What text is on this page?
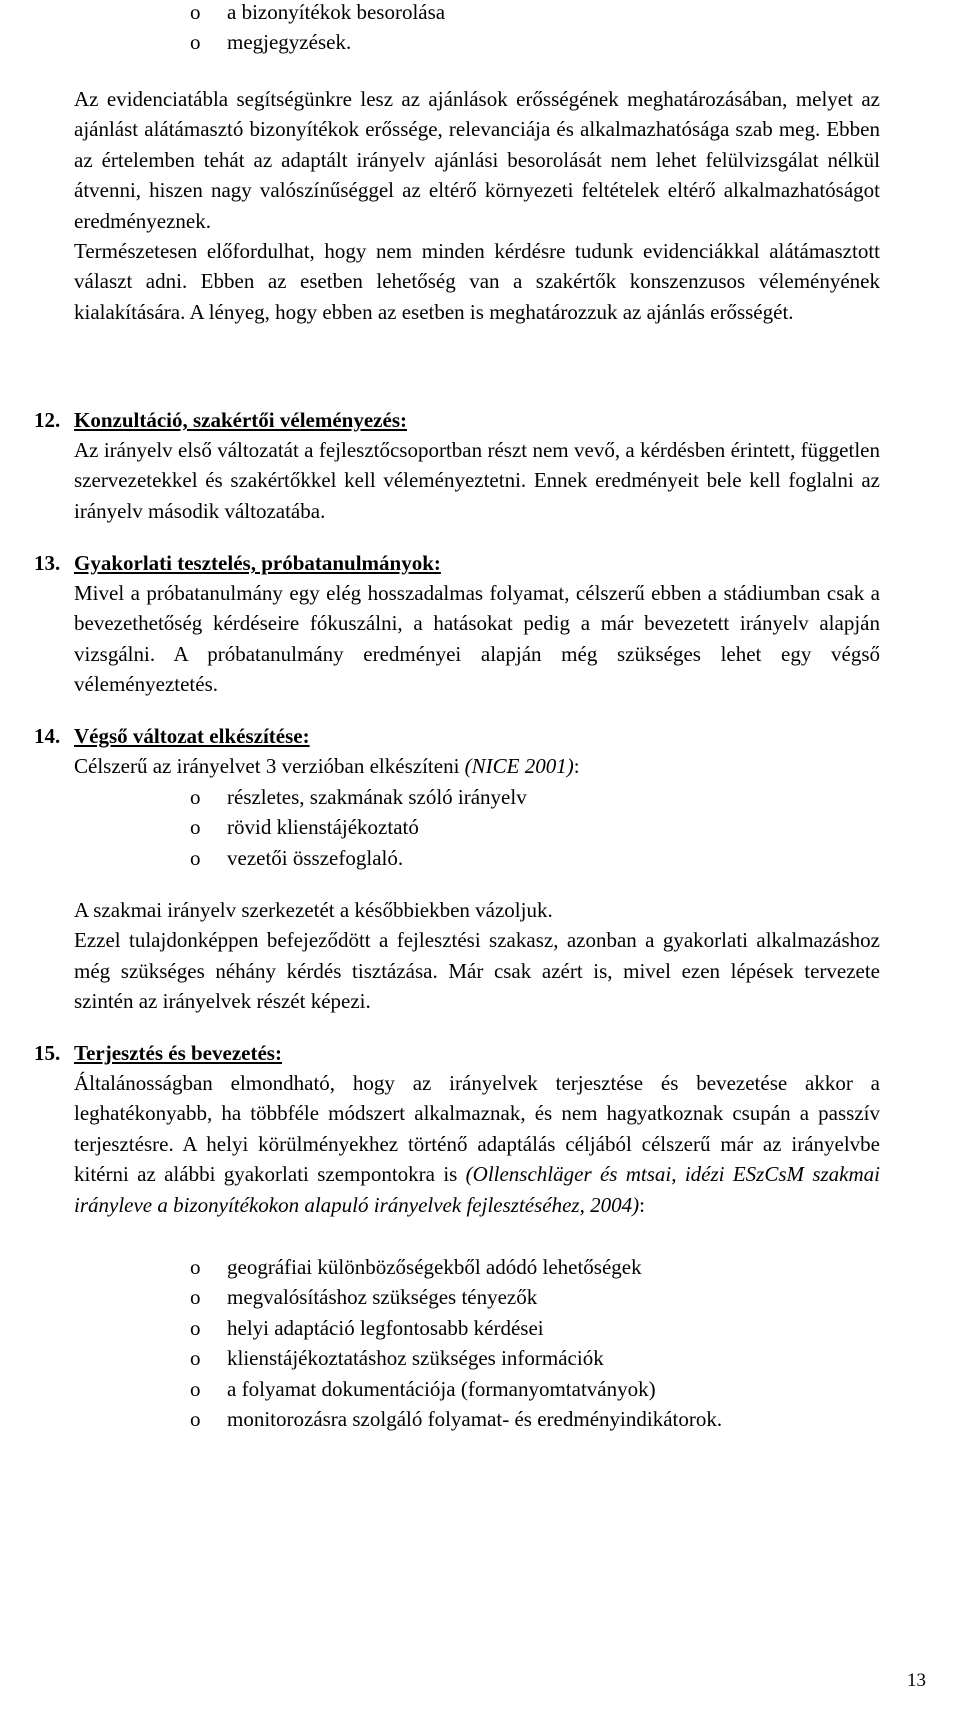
o a bizonyítékok besorolása
o megjegyzések.

Az evidenciatábla segítségünkre lesz az ajánlások erősségének meghatározásában, melyet az ajánlást alátámasztó bizonyítékok erőssége, relevanciája és alkalmazhatósága szab meg. Ebben az értelemben tehát az adaptált irányelv ajánlási besorolását nem lehet felülvizsgálat nélkül átvenni, hiszen nagy valószínűséggel az eltérő környezeti feltételek eltérő alkalmazhatóságot eredményeznek.

Természetesen előfordulhat, hogy nem minden kérdésre tudunk evidenciákkal alátámasztott választ adni. Ebben az esetben lehetőség van a szakértők konszenzusos véleményének kialakítására. A lényeg, hogy ebben az esetben is meghatározzuk az ajánlás erősségét.

12. Konzultáció, szakértői véleményezés:

Az irányelv első változatát a fejlesztőcsoportban részt nem vevő, a kérdésben érintett, független szervezetekkel és szakértőkkel kell véleményeztetni. Ennek eredményeit bele kell foglalni az irányelv második változatába.

13. Gyakorlati tesztelés, próbatanulmányok:

Mivel a próbatanulmány egy elég hosszadalmas folyamat, célszerű ebben a stádiumban csak a bevezethetőség kérdéseire fókuszálni, a hatásokat pedig a már bevezetett irányelv alapján vizsgálni. A próbatanulmány eredményei alapján még szükséges lehet egy végső véleményeztetés.

14. Végső változat elkészítése:

Célszerű az irányelvet 3 verzióban elkészíteni (NICE 2001):

o részletes, szakmának szóló irányelv
o rövid klienstájékoztató
o vezetői összefoglaló.

A szakmai irányelv szerkezetét a későbbiekben vázoljuk.

Ezzel tulajdonképpen befejeződött a fejlesztési szakasz, azonban a gyakorlati alkalmazáshoz még szükséges néhány kérdés tisztázása. Már csak azért is, mivel ezen lépések tervezete szintén az irányelvek részét képezi.

15. Terjesztés és bevezetés:

Általánosságban elmondható, hogy az irányelvek terjesztése és bevezetése akkor a leghatékonyabb, ha többféle módszert alkalmaznak, és nem hagyatkoznak csupán a passzív terjesztésre. A helyi körülményekhez történő adaptálás céljából célszerű már az irányelvbe kitérni az alábbi gyakorlati szempontokra is (Ollenschläger és mtsai, idézi ESzCsM szakmai irányleve a bizonyítékokon alapuló irányelvek fejlesztéséhez, 2004):

o geográfiai különbözőségekből adódó lehetőségek
o megvalósításhoz szükséges tényezők
o helyi adaptáció legfontosabb kérdései
o klienstájékoztatáshoz szükséges információk
o a folyamat dokumentációja (formanyomtatványok)
o monitorozásra szolgáló folyamat- és eredményindikátorok.
13
